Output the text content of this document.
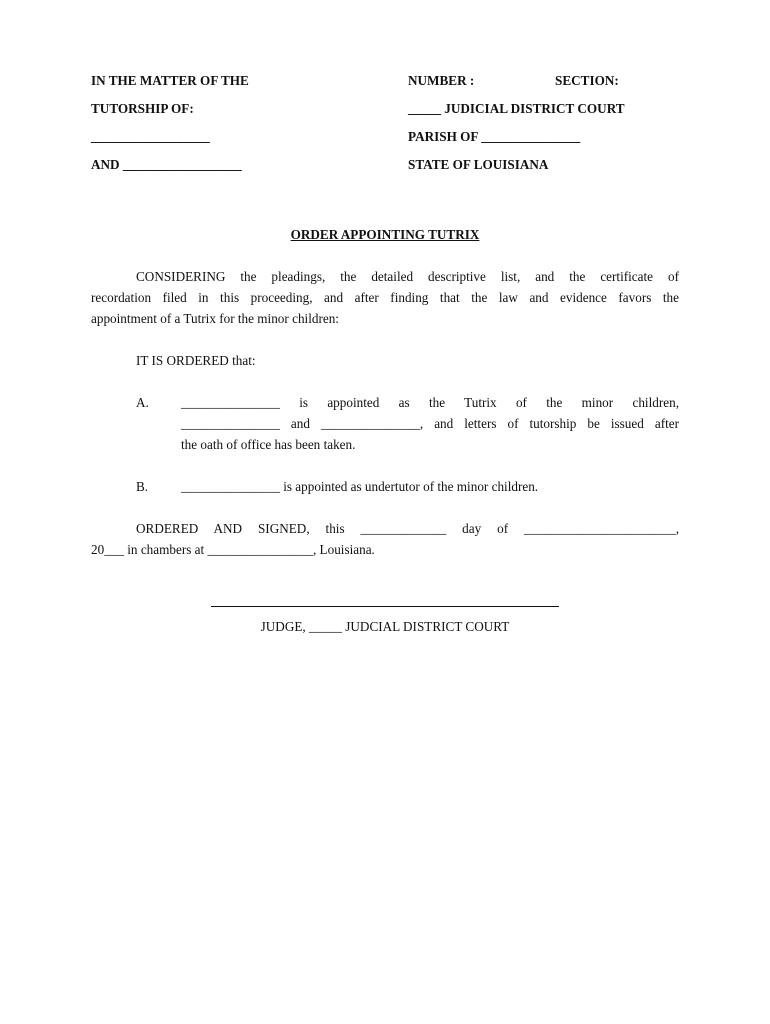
IN THE MATTER OF THE
TUTORSHIP OF:
__________________
AND __________________
NUMBER :	SECTION:
_____ JUDICIAL DISTRICT COURT
PARISH OF _______________
STATE OF LOUISIANA
ORDER APPOINTING TUTRIX
CONSIDERING the pleadings, the detailed descriptive list, and the certificate of
recordation filed in this proceeding, and after finding that the law and evidence favors the
appointment of a Tutrix for the minor children:
IT IS ORDERED that:
A. _______________ is appointed as the Tutrix of the minor children,
_______________ and _______________, and letters of tutorship be issued after
the oath of office has been taken.
B. _______________ is appointed as undertutor of the minor children.
ORDERED AND SIGNED, this _____________ day of _______________________,
20___ in chambers at ________________, Louisiana.
JUDGE, _____ JUDCIAL DISTRICT COURT
